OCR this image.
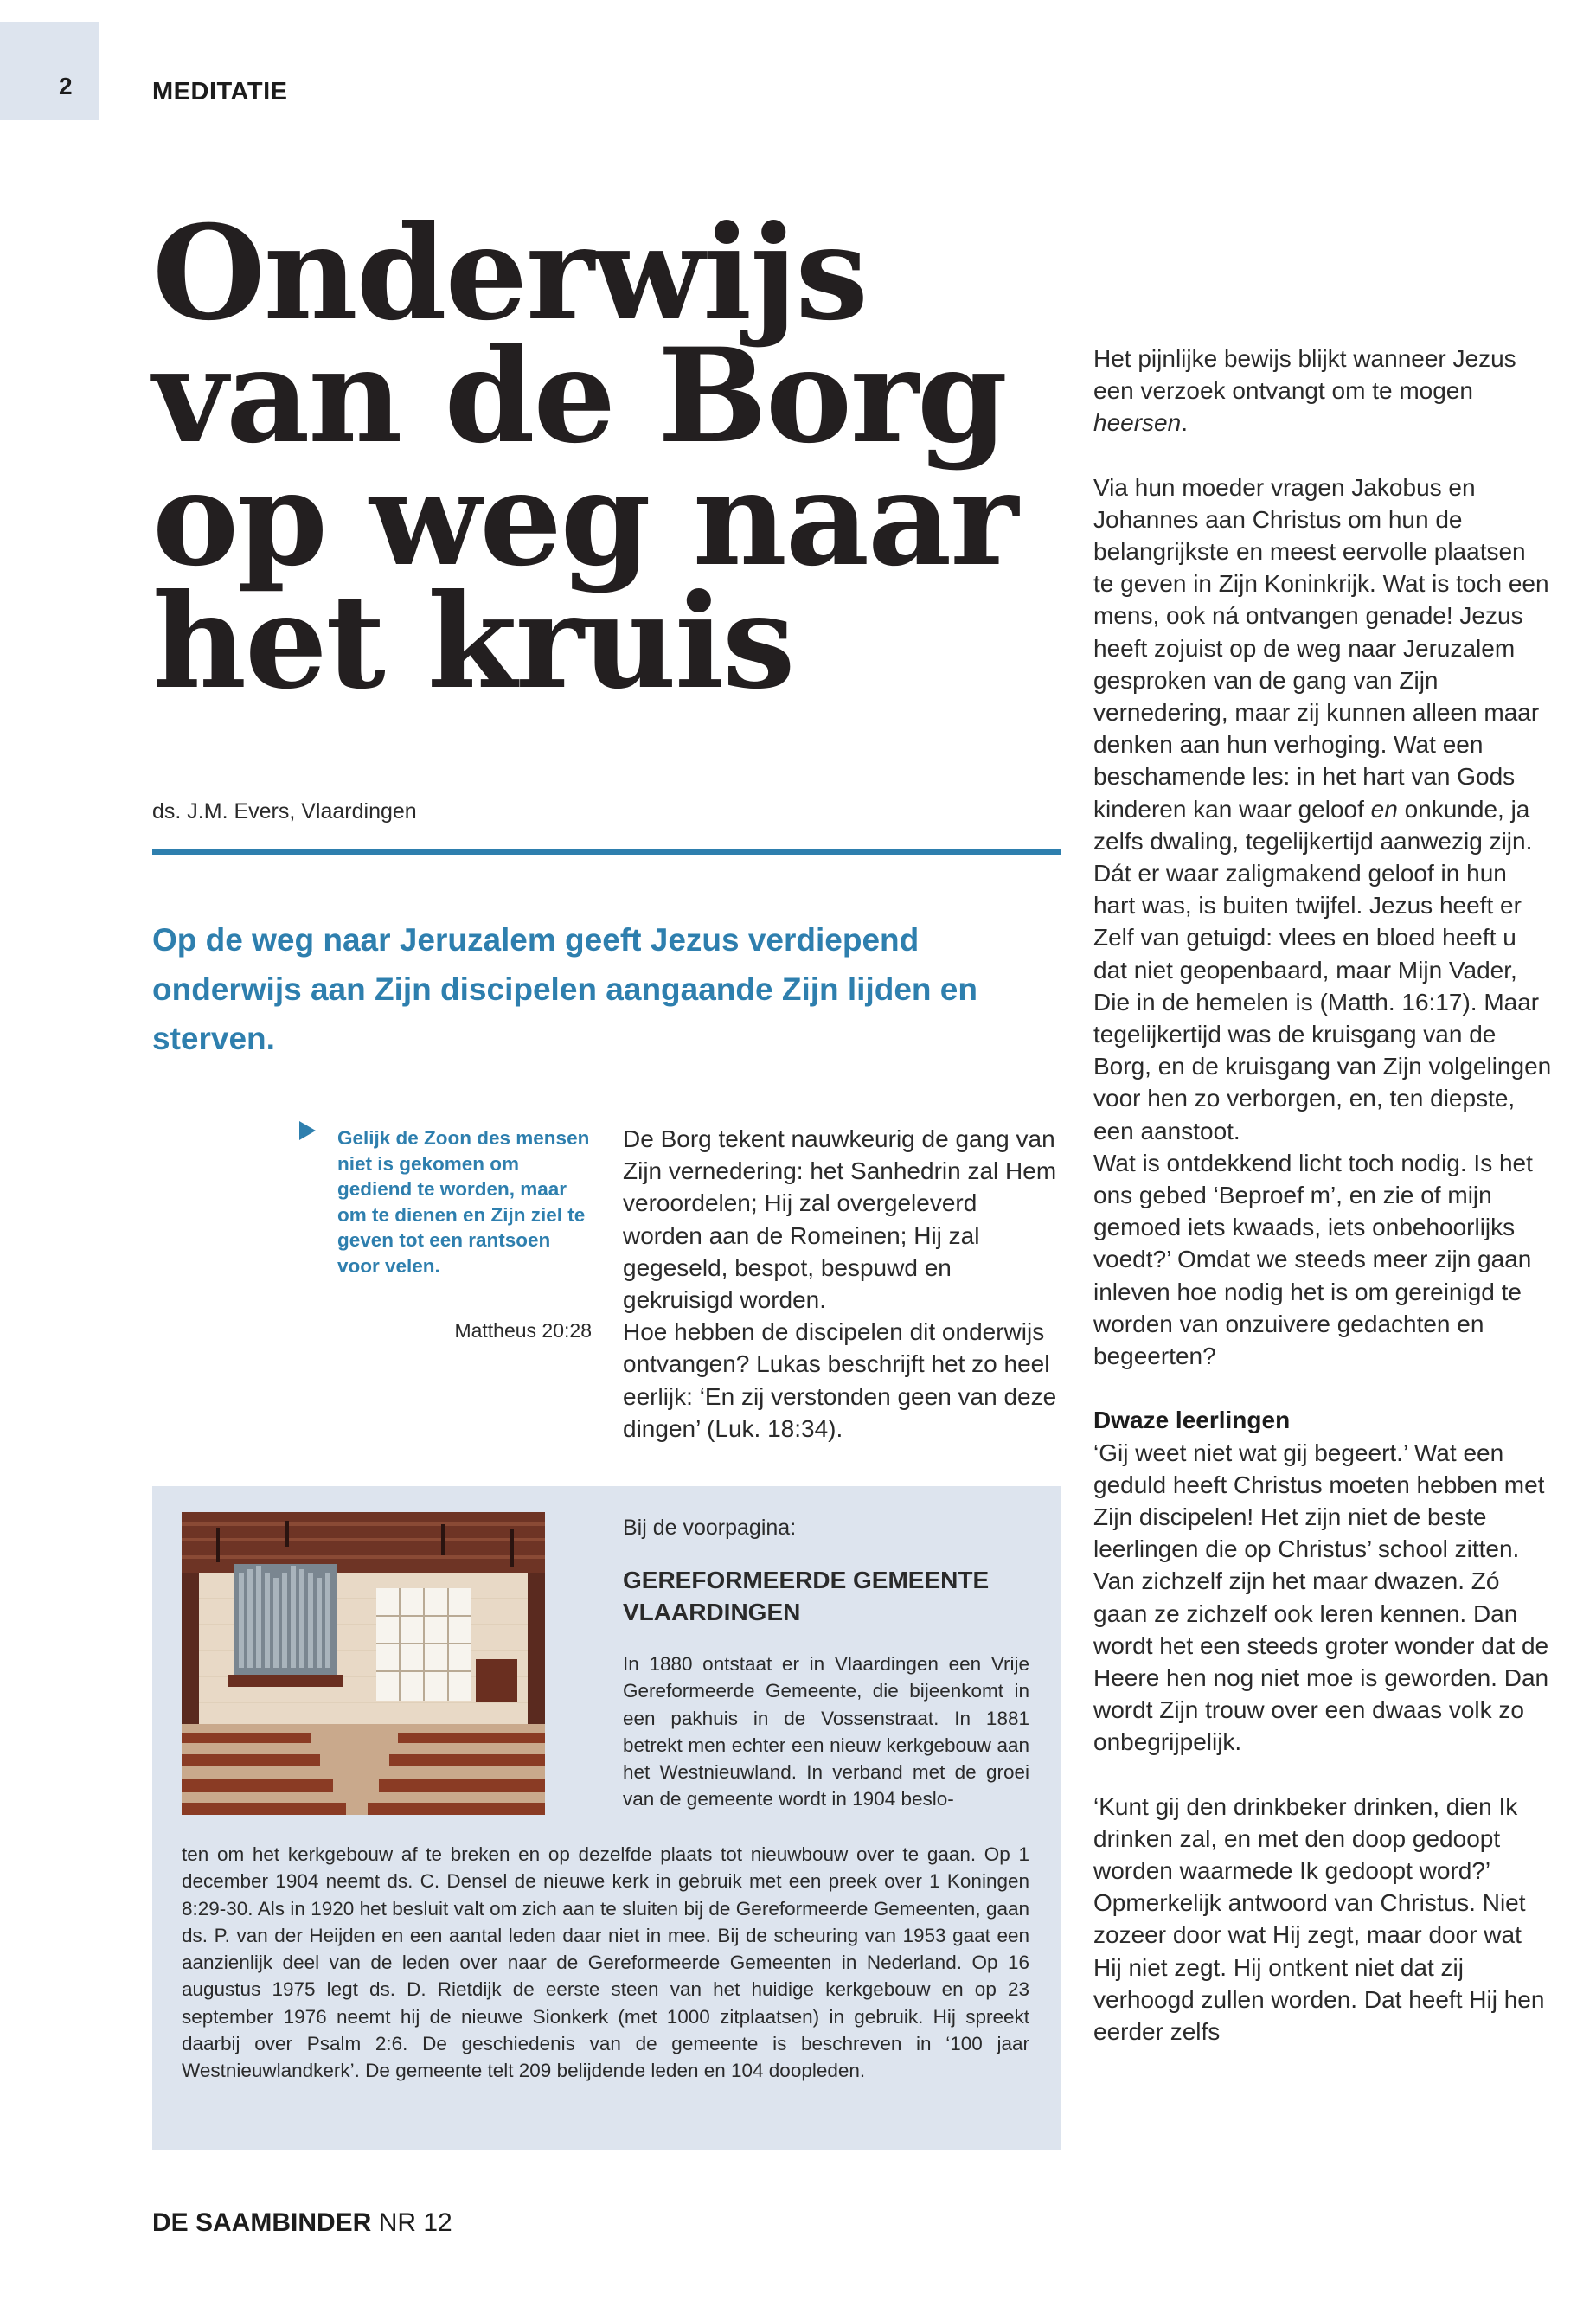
2	MEDITATIE
Onderwijs
van de Borg
op weg naar
het kruis
ds. J.M. Evers, Vlaardingen
Op de weg naar Jeruzalem geeft Jezus verdiepend onderwijs aan Zijn discipelen aangaande Zijn lijden en sterven.
Gelijk de Zoon des mensen niet is gekomen om gediend te worden, maar om te dienen en Zijn ziel te geven tot een rantsoen voor velen.
Mattheus 20:28

De Borg tekent nauwkeurig de gang van Zijn vernedering: het Sanhedrin zal Hem veroordelen; Hij zal overgeleverd worden aan de Romeinen; Hij zal gegeseld, bespot, bespuwd en gekruisigd worden.

Hoe hebben de discipelen dit onderwijs ontvangen? Lukas beschrijft het zo heel eerlijk: ‘En zij verstonden geen van deze dingen’ (Luk. 18:34).

Het pijnlijke bewijs blijkt wanneer Jezus een verzoek ontvangt om te mogen heersen.

Via hun moeder vragen Jakobus en Johannes aan Christus om hun de belangrijkste en meest eervolle plaatsen te geven in Zijn Koninkrijk. Wat is toch een mens, ook ná ontvangen genade! Jezus heeft zojuist op de weg naar Jeruzalem gesproken van de gang van Zijn vernedering, maar zij kunnen alleen maar denken aan hun verhoging. Wat een beschamende les: in het hart van Gods kinderen kan waar geloof en onkunde, ja zelfs dwaling, tegelijkertijd aanwezig zijn. Dát er waar zaligmakend geloof in hun hart was, is buiten twijfel. Jezus heeft er Zelf van getuigd: vlees en bloed heeft u dat niet geopenbaard, maar Mijn Vader, Die in de hemelen is (Matth. 16:17). Maar tegelijkertijd was de kruisgang van de Borg, en de kruisgang van Zijn volgelingen voor hen zo verborgen, en, ten diepste, een aanstoot.

Wat is ontdekkend licht toch nodig. Is het ons gebed ‘Beproef m’, en zie of mijn gemoed iets kwaads, iets onbehoorlijks voedt?’ Omdat we steeds meer zijn gaan inleven hoe nodig het is om gereinigd te worden van onzuivere gedachten en begeerten?

Dwaze leerlingen

‘Gij weet niet wat gij begeert.’ Wat een geduld heeft Christus moeten hebben met Zijn discipelen! Het zijn niet de beste leerlingen die op Christus’ school zitten. Van zichzelf zijn het maar dwazen. Zó gaan ze zichzelf ook leren kennen. Dan wordt het een steeds groter wonder dat de Heere hen nog niet moe is geworden. Dan wordt Zijn trouw over een dwaas volk zo onbegrijpelijk.

‘Kunt gij den drinkbeker drinken, dien Ik drinken zal, en met den doop gedoopt worden waarmede Ik gedoopt word?’ Opmerkelijk antwoord van Christus. Niet zozeer door wat Hij zegt, maar door wat Hij niet zegt. Hij ontkent niet dat zij verhoogd zullen worden. Dat heeft Hij hen eerder zelfs

Bij de voorpagina:
GEREFORMEERDE GEMEENTE VLAARDINGEN
In 1880 ontstaat er in Vlaardingen een Vrije Gereformeerde Gemeente, die bijeenkomt in een pakhuis in de Vossenstraat. In 1881 betrekt men echter een nieuw kerkgebouw aan het Westnieuwland. In verband met de groei van de gemeente wordt in 1904 beslo-
ten om het kerkgebouw af te breken en op dezelfde plaats tot nieuwbouw over te gaan. Op 1 december 1904 neemt ds. C. Densel de nieuwe kerk in gebruik met een preek over 1 Koningen 8:29-30. Als in 1920 het besluit valt om zich aan te sluiten bij de Gereformeerde Gemeenten, gaan ds. P. van der Heijden en een aantal leden daar niet in mee. Bij de scheuring van 1953 gaat een aanzienlijk deel van de leden over naar de Gereformeerde Gemeenten in Nederland. Op 16 augustus 1975 legt ds. D. Rietdijk de eerste steen van het huidige kerkgebouw en op 23 september 1976 neemt hij de nieuwe Sionkerk (met 1000 zitplaatsen) in gebruik. Hij spreekt daarbij over Psalm 2:6. De geschiedenis van de gemeente is beschreven in ‘100 jaar Westnieuwlandkerk’. De gemeente telt 209 belijdende leden en 104 doopleden.
DE SAAMBINDER NR 12
